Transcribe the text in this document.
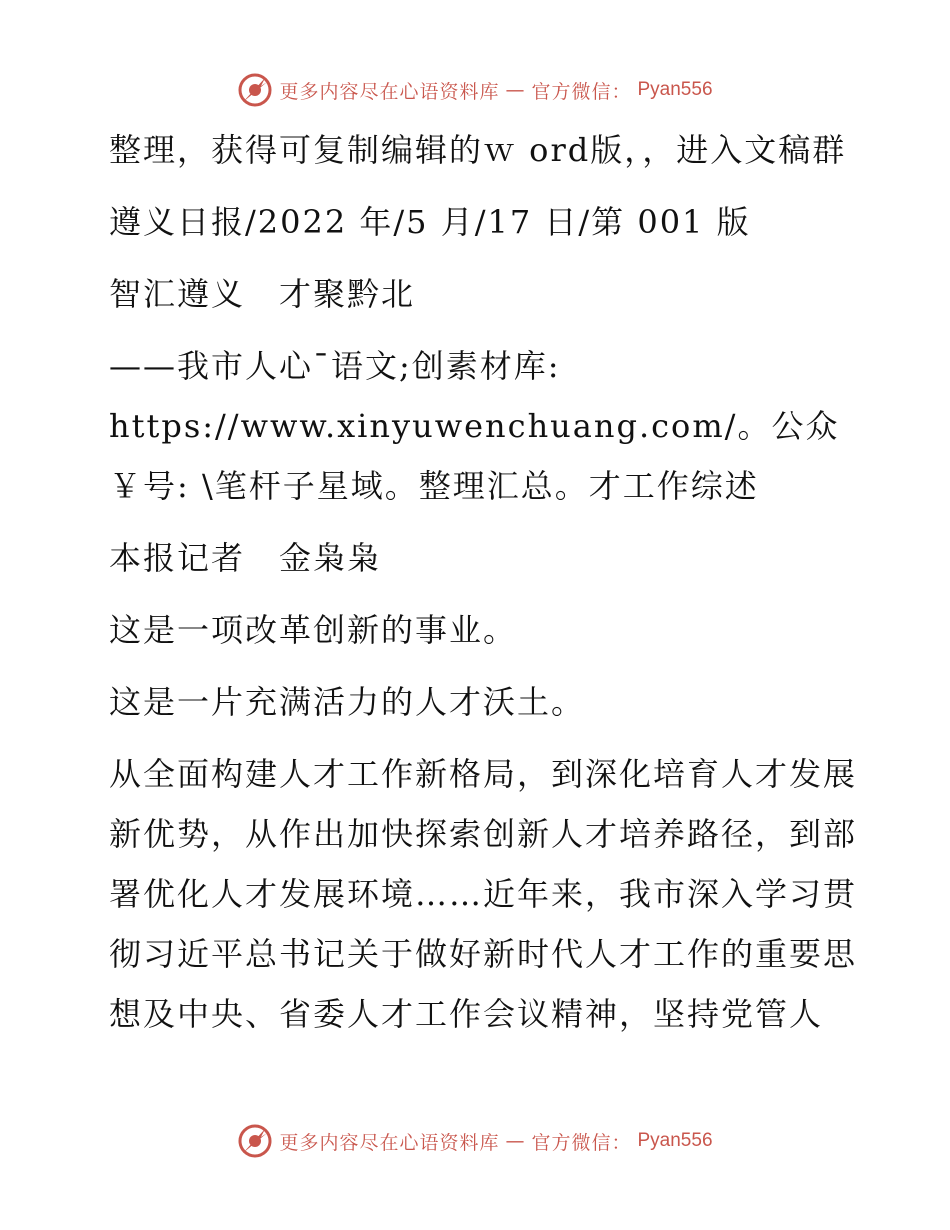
更多内容尽在心语资料库 — 官方微信： Pyan556

整理，获得可复制编辑的ｗ ord版，，进入文稿群

遵义日报/2022 年/5 月/17 日/第 001 版

智汇遵义　才聚黔北

——我市人心¯语文;创素材库: https://www.xinyuwenchuang.com/。公众￥号: \笔杆子星域。整理汇总。才工作综述

本报记者　金枭枭

这是一项改革创新的事业。

这是一片充满活力的人才沃土。

从全面构建人才工作新格局，到深化培育人才发展新优势，从作出加快探索创新人才培养路径，到部署优化人才发展环境……近年来，我市深入学习贯彻习近平总书记关于做好新时代人才工作的重要思想及中央、省委人才工作会议精神，坚持党管人

更多内容尽在心语资料库 — 官方微信： Pyan556
